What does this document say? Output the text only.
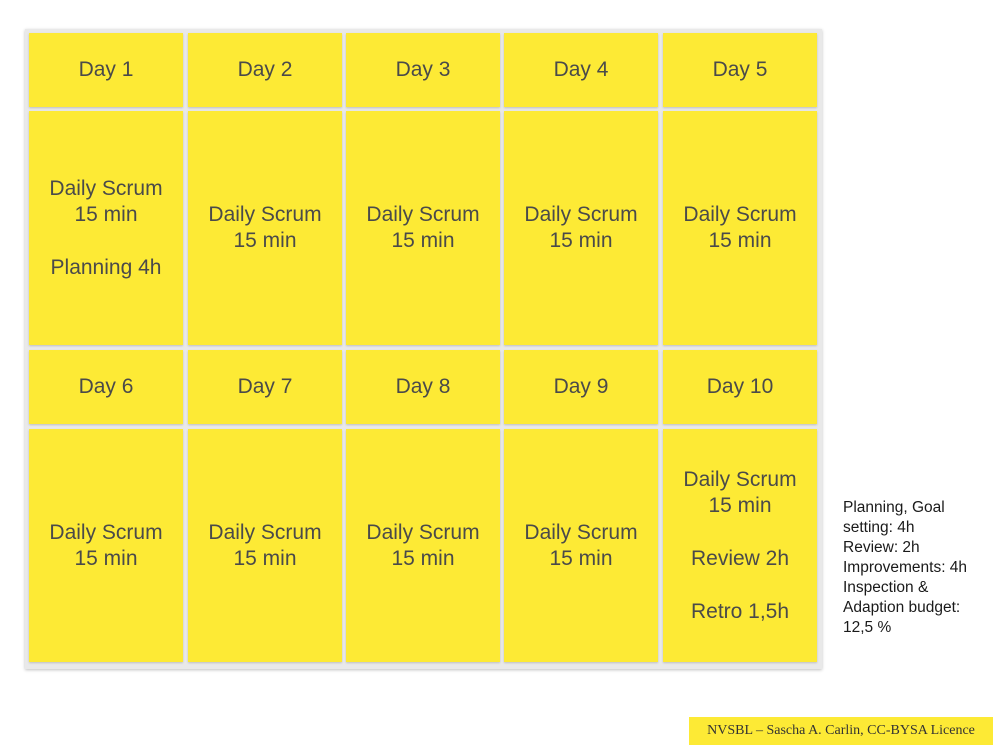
Day 1
Daily Scrum
15 min
Planning 4h
Day 2
Daily Scrum
15 min
Day 3
Daily Scrum
15 min
Day 4
Daily Scrum
15 min
Day 5
Daily Scrum
15 min
Day 6
Daily Scrum
15 min
Day 7
Daily Scrum
15 min
Day 8
Daily Scrum
15 min
Day 9
Daily Scrum
15 min
Day 10
Daily Scrum
15 min
Review 2h
Retro 1,5h
Planning, Goal
setting: 4h
Review: 2h
Improvements: 4h
Inspection &
Adaption budget:
12,5 %
NVSBL – Sascha A. Carlin, CC-BYSA Licence
